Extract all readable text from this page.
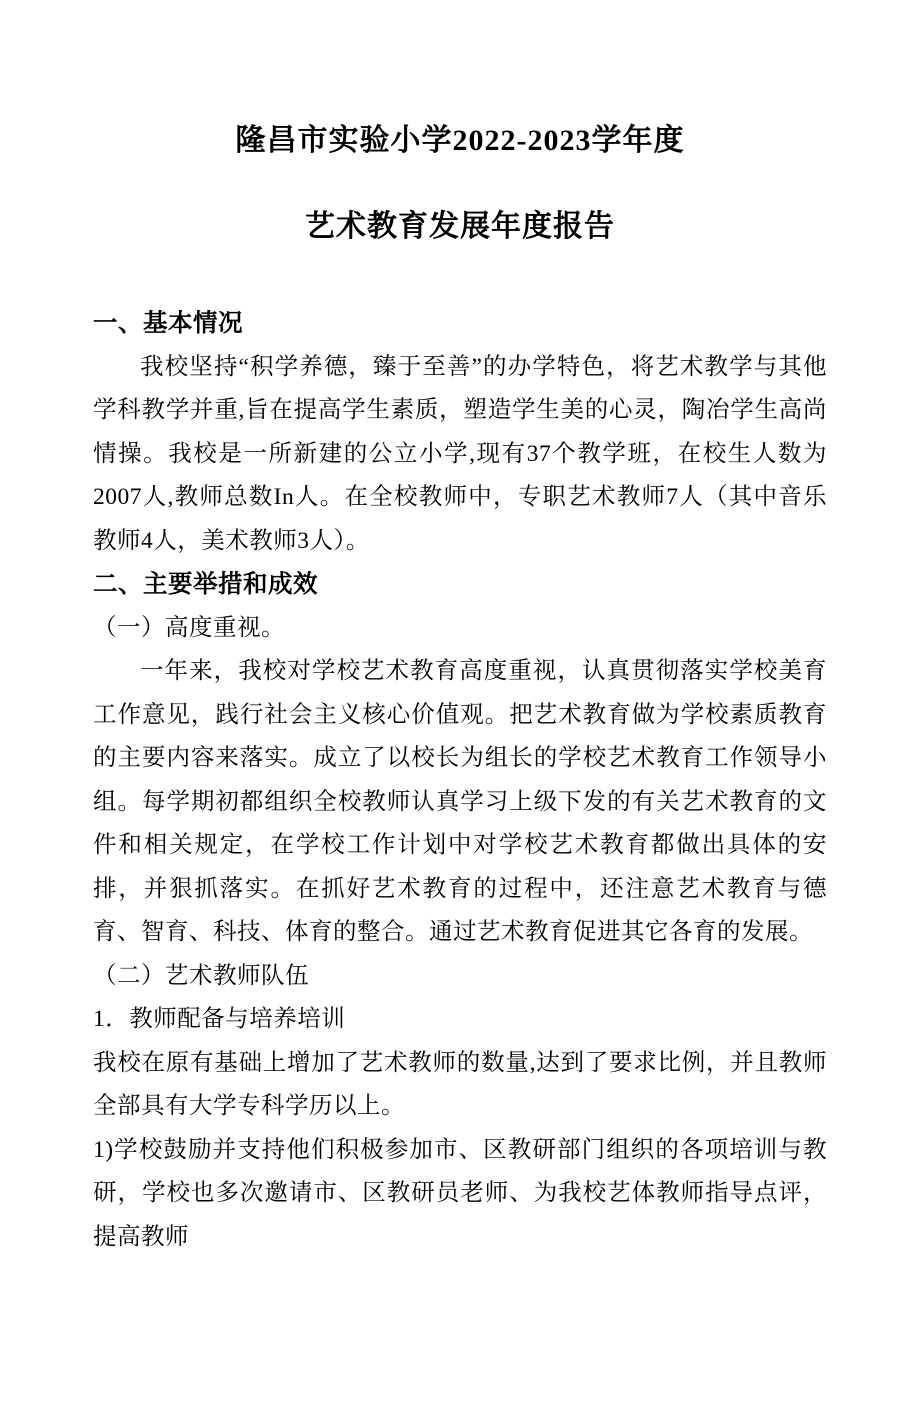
隆昌市实验小学2022-2023学年度
艺术教育发展年度报告
一、基本情况
我校坚持“积学养德，臻于至善”的办学特色，将艺术教学与其他学科教学并重,旨在提高学生素质，塑造学生美的心灵，陶冶学生高尚情操。我校是一所新建的公立小学,现有37个教学班，在校生人数为2007人,教师总数In人。在全校教师中，专职艺术教师7人（其中音乐教师4人，美术教师3人）。
二、主要举措和成效
（一）高度重视。
一年来，我校对学校艺术教育高度重视，认真贯彻落实学校美育工作意见，践行社会主义核心价值观。把艺术教育做为学校素质教育的主要内容来落实。成立了以校长为组长的学校艺术教育工作领导小组。每学期初都组织全校教师认真学习上级下发的有关艺术教育的文件和相关规定，在学校工作计划中对学校艺术教育都做出具体的安排，并狠抓落实。在抓好艺术教育的过程中，还注意艺术教育与德育、智育、科技、体育的整合。通过艺术教育促进其它各育的发展。
（二）艺术教师队伍
1．教师配备与培养培训
我校在原有基础上增加了艺术教师的数量,达到了要求比例，并且教师全部具有大学专科学历以上。
1)学校鼓励并支持他们积极参加市、区教研部门组织的各项培训与教研，学校也多次邀请市、区教研员老师、为我校艺体教师指导点评，提高教师
